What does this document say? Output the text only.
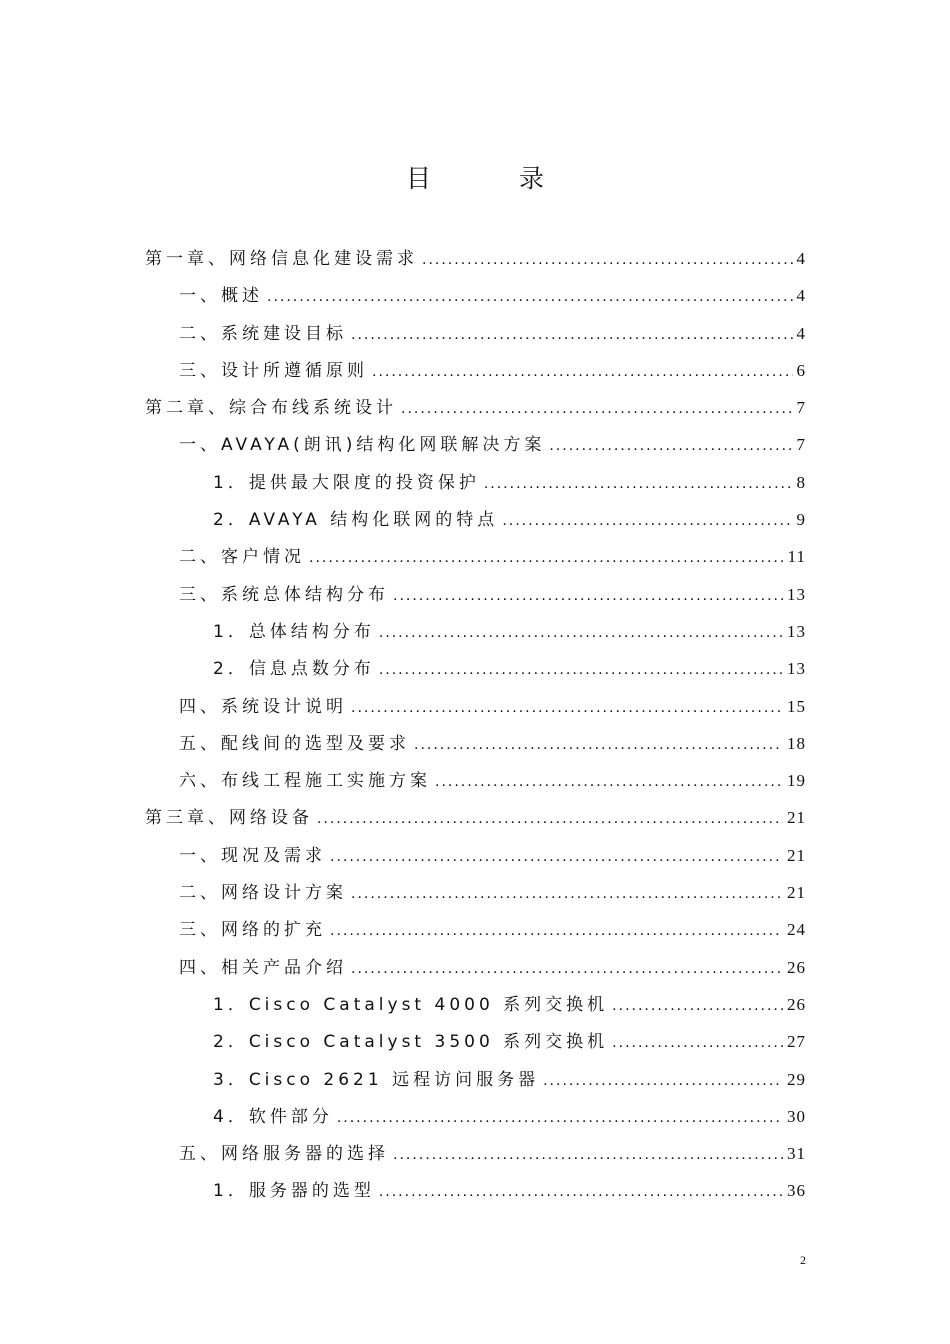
目 录
第一章、网络信息化建设需求 .....	4
一、概述 .....	4
二、系统建设目标 .....	4
三、设计所遵循原则 .....	6
第二章、综合布线系统设计 .....	7
一、AVAYA(朗讯)结构化网联解决方案 .....	7
1．提供最大限度的投资保护 .....	8
2．AVAYA 结构化联网的特点 .....	9
二、客户情况 .....	11
三、系统总体结构分布 .....	13
1．总体结构分布 .....	13
2．信息点数分布 .....	13
四、系统设计说明 .....	15
五、配线间的选型及要求 .....	18
六、布线工程施工实施方案 .....	19
第三章、网络设备 .....	21
一、现况及需求 .....	21
二、网络设计方案 .....	21
三、网络的扩充 .....	24
四、相关产品介绍 .....	26
1．Cisco Catalyst 4000 系列交换机 .....	26
2．Cisco Catalyst 3500 系列交换机 .....	27
3．Cisco 2621 远程访问服务器 .....	29
4．软件部分 .....	30
五、网络服务器的选择 .....	31
1．服务器的选型 .....	36
2
